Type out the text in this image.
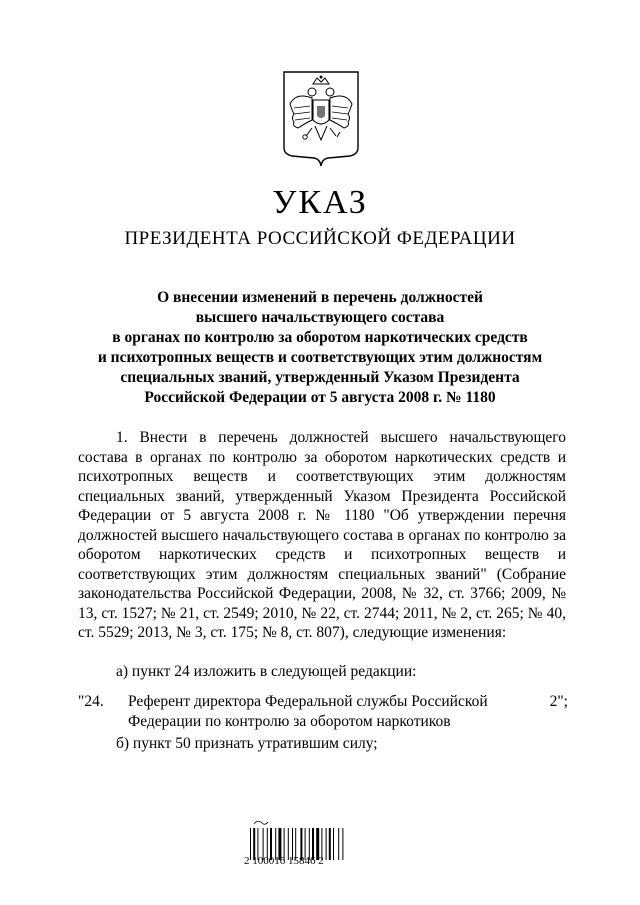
УКАЗ
ПРЕЗИДЕНТА РОССИЙСКОЙ ФЕДЕРАЦИИ
О внесении изменений в перечень должностей
высшего начальствующего состава
в органах по контролю за оборотом наркотических средств
и психотропных веществ и соответствующих этим должностям
специальных званий, утвержденный Указом Президента
Российской Федерации от 5 августа 2008 г. № 1180
1. Внести в перечень должностей высшего начальствующего состава в органах по контролю за оборотом наркотических средств и психотропных веществ и соответствующих этим должностям специальных званий, утвержденный Указом Президента Российской Федерации от 5 августа 2008 г. № 1180 "Об утверждении перечня должностей высшего начальствующего состава в органах по контролю за оборотом наркотических средств и психотропных веществ и соответствующих этим должностям специальных званий" (Собрание законодательства Российской Федерации, 2008, № 32, ст. 3766; 2009, № 13, ст. 1527; № 21, ст. 2549; 2010, № 22, ст. 2744; 2011, № 2, ст. 265; № 40, ст. 5529; 2013, № 3, ст. 175; № 8, ст. 807), следующие изменения:
а) пункт 24 изложить в следующей редакции:
"24. Референт директора Федеральной службы Российской Федерации по контролю за оборотом наркотиков
2";
б) пункт 50 признать утратившим силу;
2 100016 15846 2
